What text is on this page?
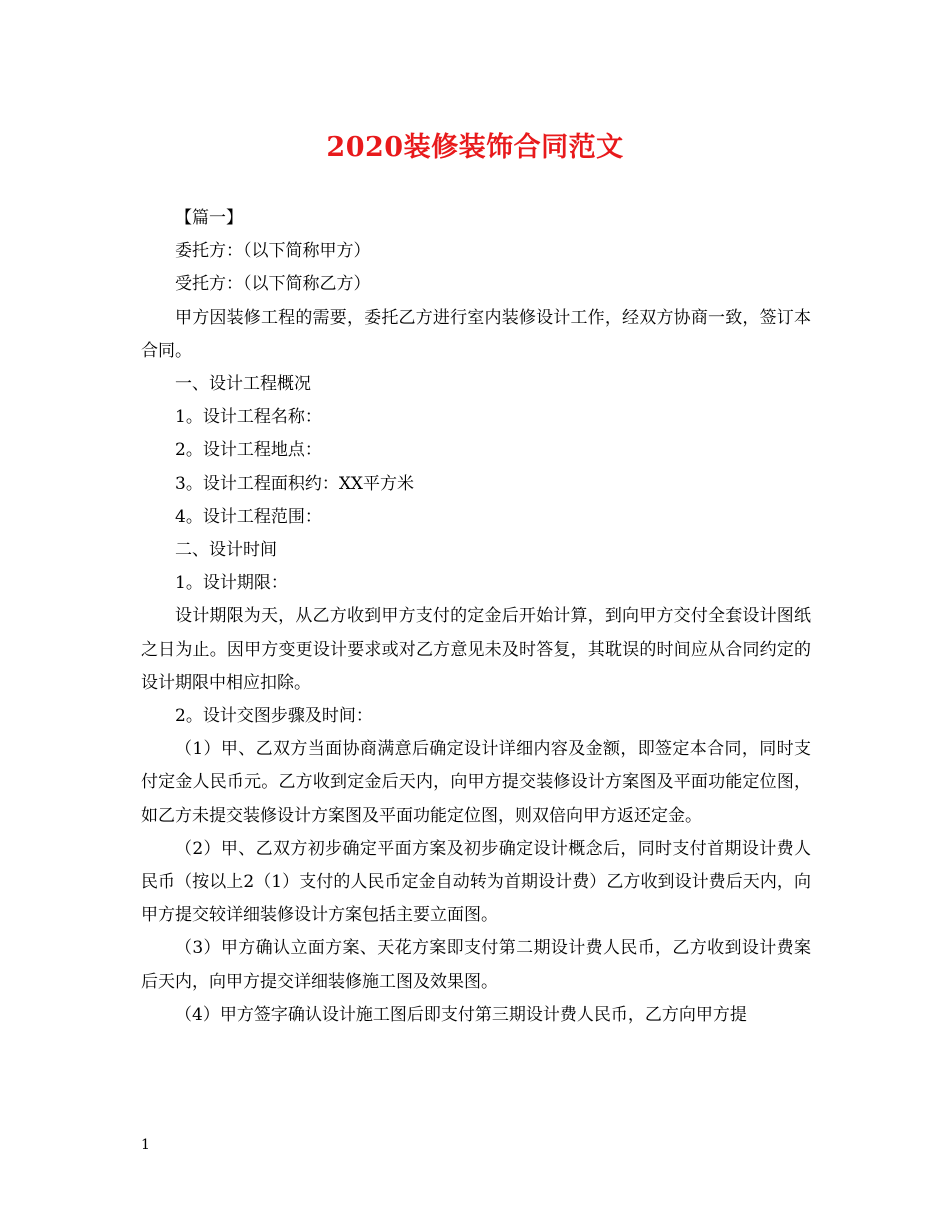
2020装修装饰合同范文

【篇一】

委托方：（以下简称甲方）

受托方：（以下简称乙方）

甲方因装修工程的需要，委托乙方进行室内装修设计工作，经双方协商一致，签订本合同。

一、设计工程概况

1。设计工程名称：

2。设计工程地点：

3。设计工程面积约：XX平方米

4。设计工程范围：

二、设计时间

1。设计期限：

设计期限为天，从乙方收到甲方支付的定金后开始计算，到向甲方交付全套设计图纸之日为止。因甲方变更设计要求或对乙方意见未及时答复，其耽误的时间应从合同约定的设计期限中相应扣除。

2。设计交图步骤及时间：

（1）甲、乙双方当面协商满意后确定设计详细内容及金额，即签定本合同，同时支付定金人民币元。乙方收到定金后天内，向甲方提交装修设计方案图及平面功能定位图，如乙方未提交装修设计方案图及平面功能定位图，则双倍向甲方返还定金。

（2）甲、乙双方初步确定平面方案及初步确定设计概念后，同时支付首期设计费人民币（按以上2（1）支付的人民币定金自动转为首期设计费）乙方收到设计费后天内，向甲方提交较详细装修设计方案包括主要立面图。

（3）甲方确认立面方案、天花方案即支付第二期设计费人民币，乙方收到设计费案后天内，向甲方提交详细装修施工图及效果图。

（4）甲方签字确认设计施工图后即支付第三期设计费人民币，乙方向甲方提

1
